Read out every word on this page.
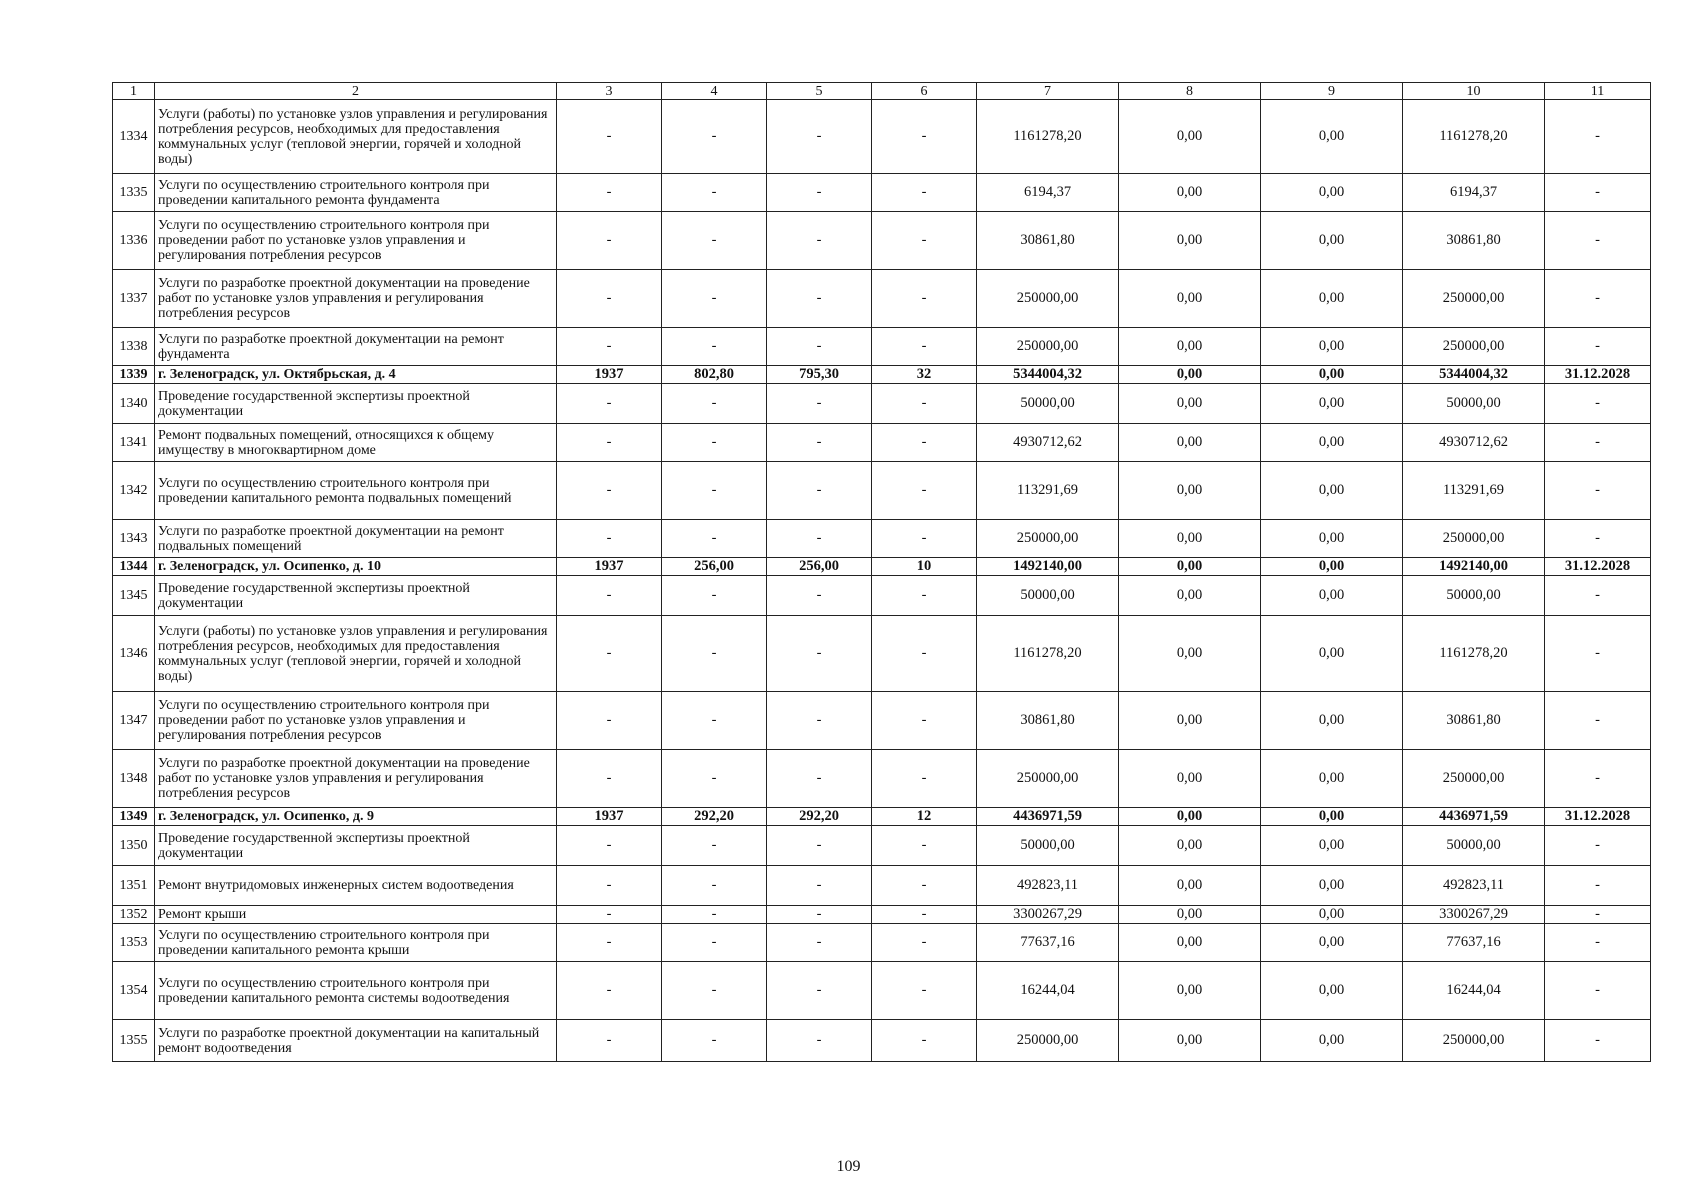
1	2	3	4	5	6	7	8	9	10	11
1334	Услуги (работы) по установке узлов управления и регулирования потребления ресурсов, необходимых для предоставления коммунальных услуг (тепловой энергии, горячей и холодной воды)	-	-	-	-	1161278,20	0,00	0,00	1161278,20	-
1335	Услуги по осуществлению строительного контроля при проведении капитального ремонта фундамента	-	-	-	-	6194,37	0,00	0,00	6194,37	-
1336	Услуги по осуществлению строительного контроля при проведении работ по установке узлов управления и регулирования потребления ресурсов	-	-	-	-	30861,80	0,00	0,00	30861,80	-
1337	Услуги по разработке проектной документации на проведение работ по установке узлов управления и регулирования потребления ресурсов	-	-	-	-	250000,00	0,00	0,00	250000,00	-
1338	Услуги по разработке проектной документации на ремонт фундамента	-	-	-	-	250000,00	0,00	0,00	250000,00	-
1339	г. Зеленоградск, ул. Октябрьская, д. 4	1937	802,80	795,30	32	5344004,32	0,00	0,00	5344004,32	31.12.2028
1340	Проведение государственной экспертизы проектной документации	-	-	-	-	50000,00	0,00	0,00	50000,00	-
1341	Ремонт подвальных помещений, относящихся к общему имуществу в многоквартирном доме	-	-	-	-	4930712,62	0,00	0,00	4930712,62	-
1342	Услуги по осуществлению строительного контроля при проведении капитального ремонта подвальных помещений	-	-	-	-	113291,69	0,00	0,00	113291,69	-
1343	Услуги по разработке проектной документации на ремонт подвальных помещений	-	-	-	-	250000,00	0,00	0,00	250000,00	-
1344	г. Зеленоградск, ул. Осипенко, д. 10	1937	256,00	256,00	10	1492140,00	0,00	0,00	1492140,00	31.12.2028
1345	Проведение государственной экспертизы проектной документации	-	-	-	-	50000,00	0,00	0,00	50000,00	-
1346	Услуги (работы) по установке узлов управления и регулирования потребления ресурсов, необходимых для предоставления коммунальных услуг (тепловой энергии, горячей и холодной воды)	-	-	-	-	1161278,20	0,00	0,00	1161278,20	-
1347	Услуги по осуществлению строительного контроля при проведении работ по установке узлов управления и регулирования потребления ресурсов	-	-	-	-	30861,80	0,00	0,00	30861,80	-
1348	Услуги по разработке проектной документации на проведение работ по установке узлов управления и регулирования потребления ресурсов	-	-	-	-	250000,00	0,00	0,00	250000,00	-
1349	г. Зеленоградск, ул. Осипенко, д. 9	1937	292,20	292,20	12	4436971,59	0,00	0,00	4436971,59	31.12.2028
1350	Проведение государственной экспертизы проектной документации	-	-	-	-	50000,00	0,00	0,00	50000,00	-
1351	Ремонт внутридомовых инженерных систем водоотведения	-	-	-	-	492823,11	0,00	0,00	492823,11	-
1352	Ремонт крыши	-	-	-	-	3300267,29	0,00	0,00	3300267,29	-
1353	Услуги по осуществлению строительного контроля при проведении капитального ремонта крыши	-	-	-	-	77637,16	0,00	0,00	77637,16	-
1354	Услуги по осуществлению строительного контроля при проведении капитального ремонта системы водоотведения	-	-	-	-	16244,04	0,00	0,00	16244,04	-
1355	Услуги по разработке проектной документации на капитальный ремонт водоотведения	-	-	-	-	250000,00	0,00	0,00	250000,00	-
109
